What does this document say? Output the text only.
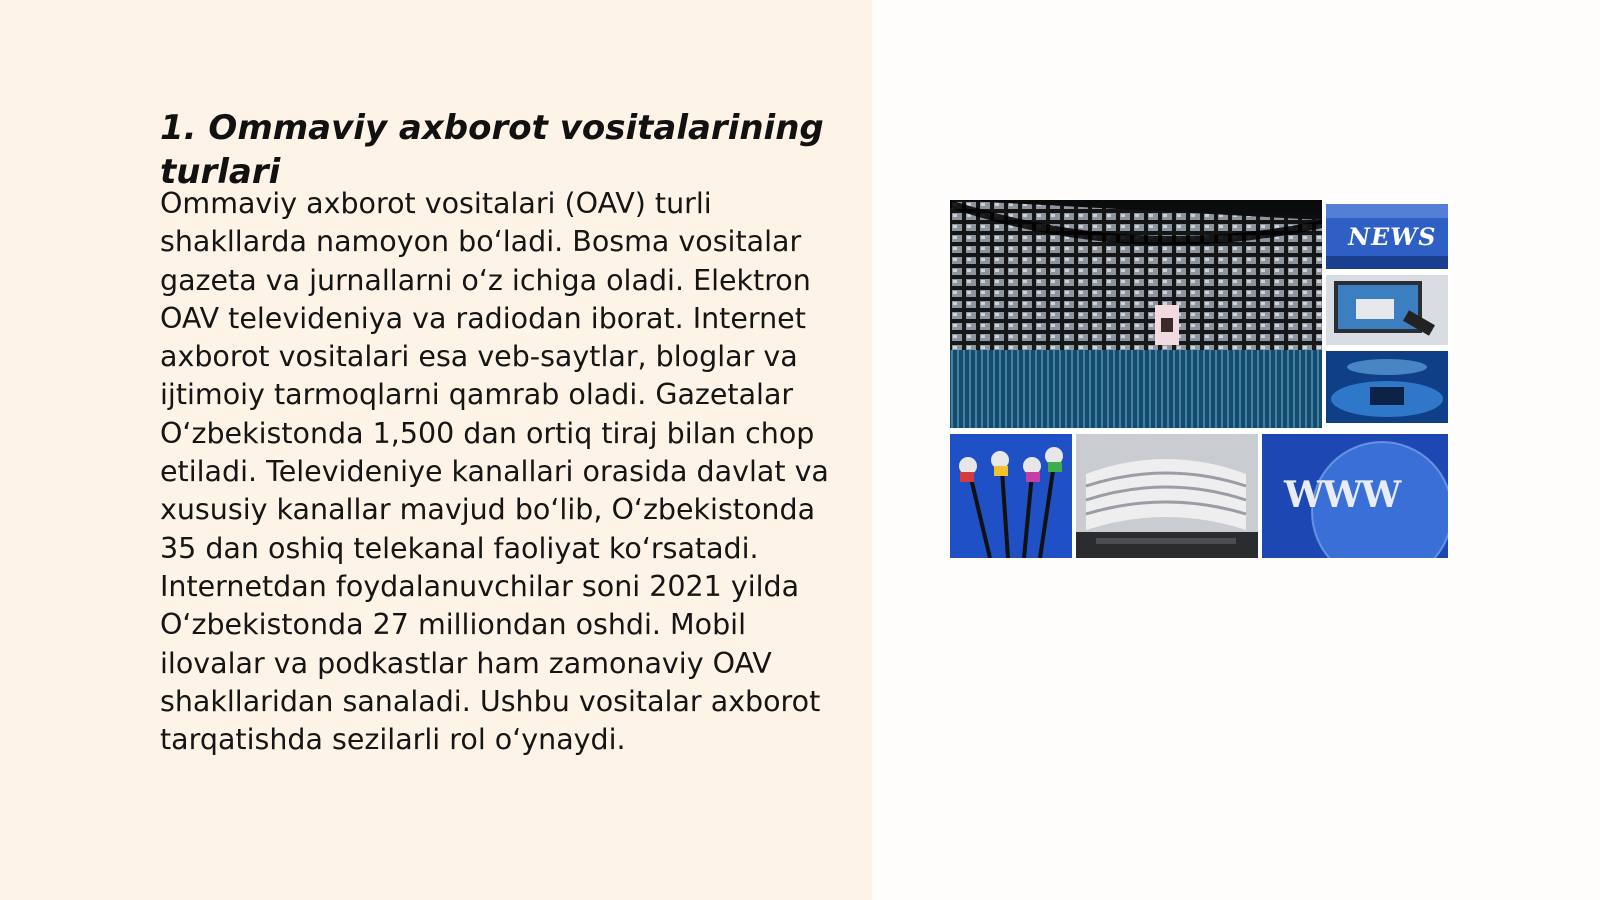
1. Ommaviy axborot vositalarining turlari

Ommaviy axborot vositalari (OAV) turli shakllarda namoyon bo‘ladi. Bosma vositalar gazeta va jurnallarni o‘z ichiga oladi. Elektron OAV televideniya va radiodan iborat. Internet axborot vositalari esa veb-saytlar, bloglar va ijtimoiy tarmoqlarni qamrab oladi. Gazetalar O‘zbekistonda 1,500 dan ortiq tiraj bilan chop etiladi. Televideniye kanallari orasida davlat va xususiy kanallar mavjud bo‘lib, O‘zbekistonda 35 dan oshiq telekanal faoliyat ko‘rsatadi. Internetdan foydalanuvchilar soni 2021 yilda O‘zbekistonda 27 milliondan oshdi. Mobil ilovalar va podkastlar ham zamonaviy OAV shakllaridan sanaladi. Ushbu vositalar axborot tarqatishda sezilarli rol o‘ynaydi.

NEWS
WWW
